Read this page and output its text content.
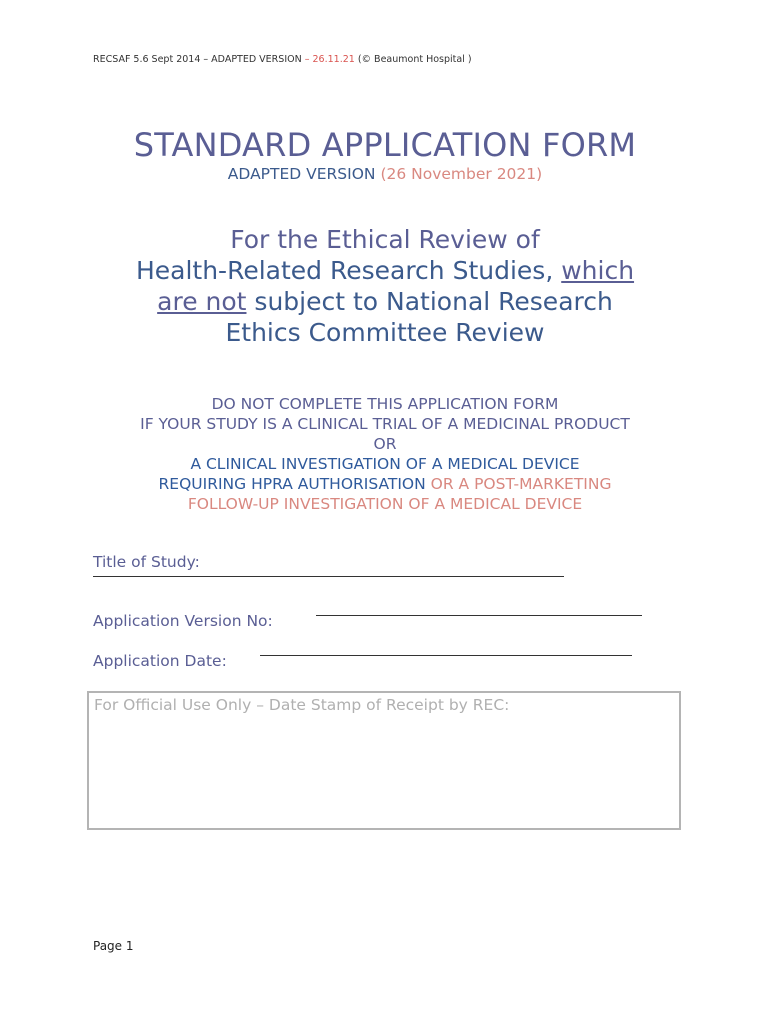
RECSAF 5.6 Sept 2014 – ADAPTED VERSION – 26.11.21 (© Beaumont Hospital )
STANDARD APPLICATION FORM
ADAPTED VERSION (26 November 2021)
For the Ethical Review of
Health-Related Research Studies, which
are not subject to National Research
Ethics Committee Review
DO NOT COMPLETE THIS APPLICATION FORM
IF YOUR STUDY IS A CLINICAL TRIAL OF A MEDICINAL PRODUCT
OR
A CLINICAL INVESTIGATION OF A MEDICAL DEVICE
REQUIRING HPRA AUTHORISATION OR A POST-MARKETING
FOLLOW-UP INVESTIGATION OF A MEDICAL DEVICE
Title of Study:
Application Version No:
Application Date:
For Official Use Only – Date Stamp of Receipt by REC:
Page 1
